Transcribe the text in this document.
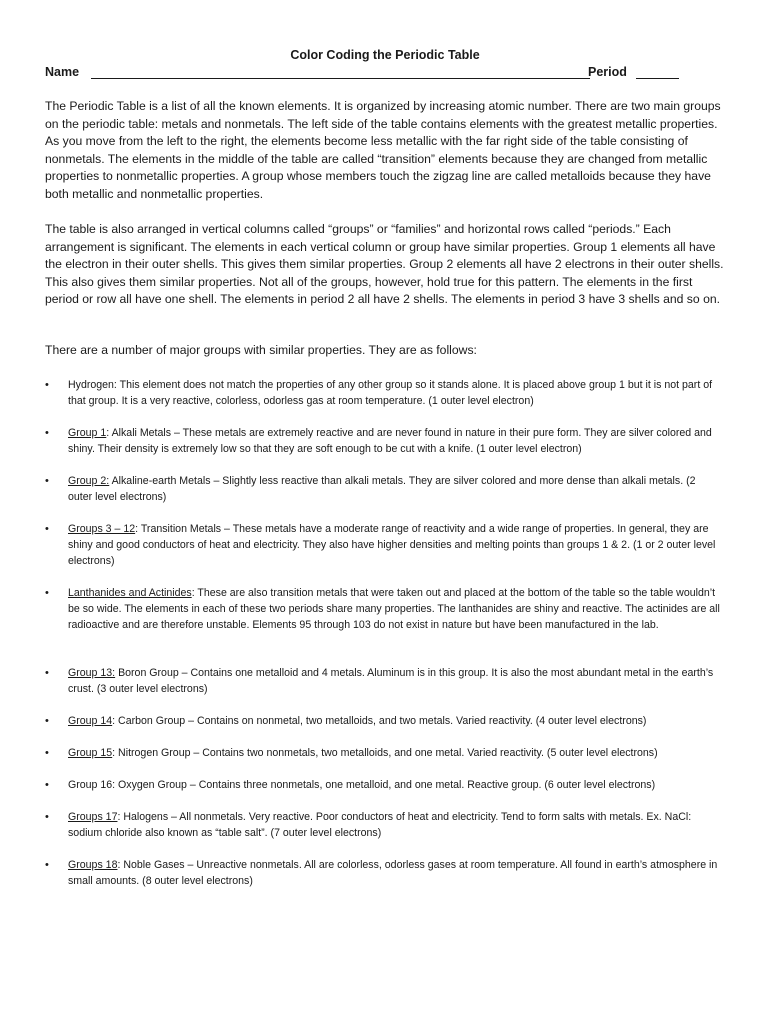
Color Coding the Periodic Table
Name	Period

The Periodic Table is a list of all the known elements. It is organized by increasing atomic number. There are two main groups on the periodic table: metals and nonmetals. The left side of the table contains elements with the greatest metallic properties. As you move from the left to the right, the elements become less metallic with the far right side of the table consisting of nonmetals. The elements in the middle of the table are called “transition” elements because they are changed from metallic properties to nonmetallic properties. A group whose members touch the zigzag line are called metalloids because they have both metallic and nonmetallic properties.

The table is also arranged in vertical columns called “groups” or “families” and horizontal rows called “periods.” Each arrangement is significant. The elements in each vertical column or group have similar properties. Group 1 elements all have the electron in their outer shells. This gives them similar properties. Group 2 elements all have 2 electrons in their outer shells. This also gives them similar properties. Not all of the groups, however, hold true for this pattern. The elements in the first period or row all have one shell. The elements in period 2 all have 2 shells. The elements in period 3 have 3 shells and so on.

There are a number of major groups with similar properties. They are as follows:

• Hydrogen: This element does not match the properties of any other group so it stands alone. It is placed above group 1 but it is not part of that group. It is a very reactive, colorless, odorless gas at room temperature. (1 outer level electron)
• Group 1: Alkali Metals – These metals are extremely reactive and are never found in nature in their pure form. They are silver colored and shiny. Their density is extremely low so that they are soft enough to be cut with a knife. (1 outer level electron)
• Group 2: Alkaline-earth Metals – Slightly less reactive than alkali metals. They are silver colored and more dense than alkali metals. (2 outer level electrons)
• Groups 3 – 12: Transition Metals – These metals have a moderate range of reactivity and a wide range of properties. In general, they are shiny and good conductors of heat and electricity. They also have higher densities and melting points than groups 1 & 2. (1 or 2 outer level electrons)
• Lanthanides and Actinides: These are also transition metals that were taken out and placed at the bottom of the table so the table wouldn’t be so wide. The elements in each of these two periods share many properties. The lanthanides are shiny and reactive. The actinides are all radioactive and are therefore unstable. Elements 95 through 103 do not exist in nature but have been manufactured in the lab.
• Group 13: Boron Group – Contains one metalloid and 4 metals. Aluminum is in this group. It is also the most abundant metal in the earth’s crust. (3 outer level electrons)
• Group 14: Carbon Group – Contains on nonmetal, two metalloids, and two metals. Varied reactivity. (4 outer level electrons)
• Group 15: Nitrogen Group – Contains two nonmetals, two metalloids, and one metal. Varied reactivity. (5 outer level electrons)
• Group 16: Oxygen Group – Contains three nonmetals, one metalloid, and one metal. Reactive group. (6 outer level electrons)
• Groups 17: Halogens – All nonmetals. Very reactive. Poor conductors of heat and electricity. Tend to form salts with metals. Ex. NaCl: sodium chloride also known as “table salt”. (7 outer level electrons)
• Groups 18: Noble Gases – Unreactive nonmetals. All are colorless, odorless gases at room temperature. All found in earth’s atmosphere in small amounts. (8 outer level electrons)
